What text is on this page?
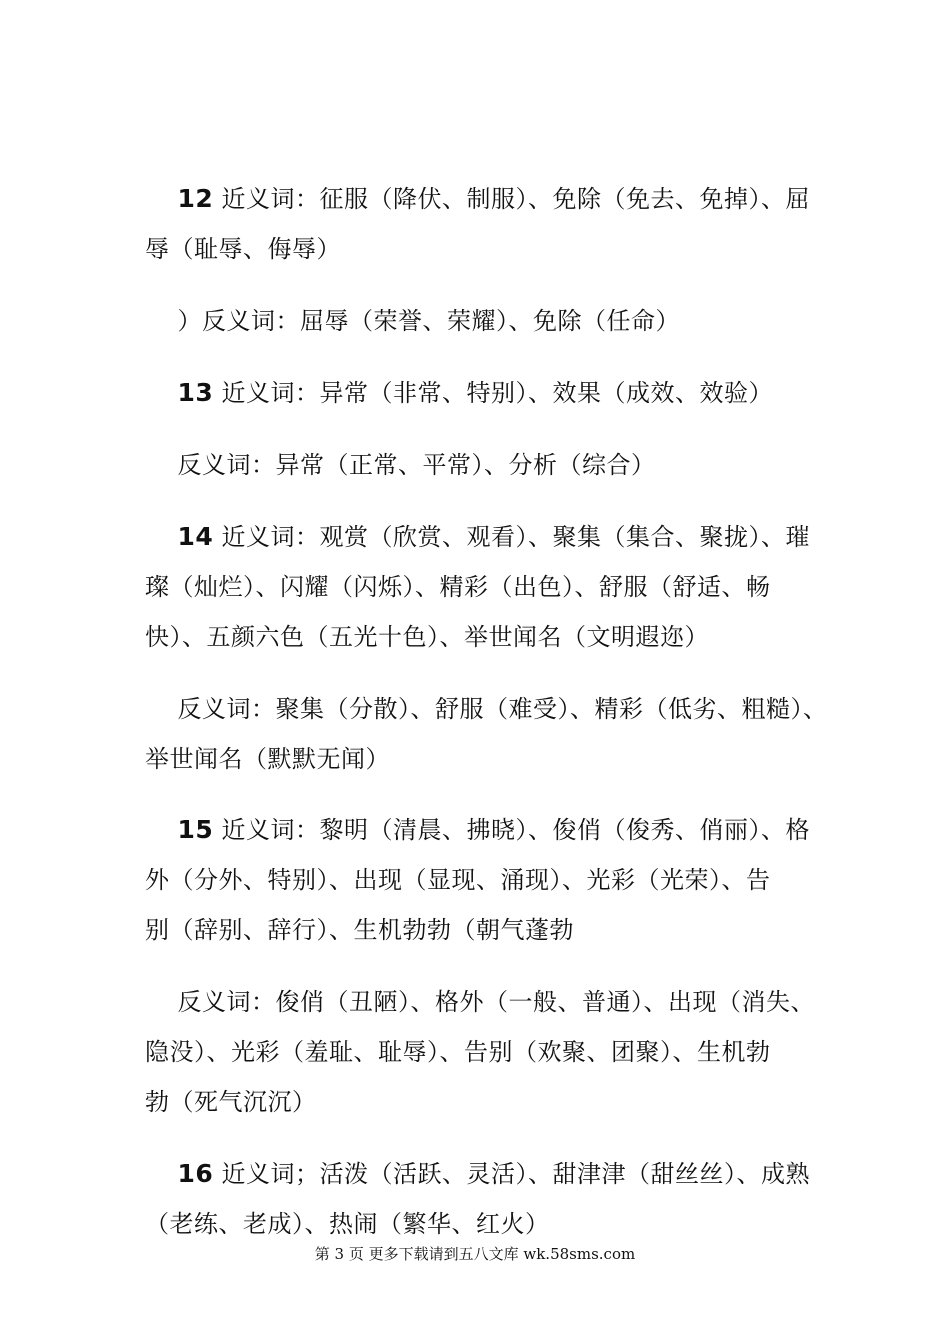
12 近义词：征服（降伏、制服）、免除（免去、免掉）、屈
辱（耻辱、侮辱）

）反义词：屈辱（荣誉、荣耀）、免除（任命）

13 近义词：异常（非常、特别）、效果（成效、效验）

反义词：异常（正常、平常）、分析（综合）

14 近义词：观赏（欣赏、观看）、聚集（集合、聚拢）、璀
璨（灿烂）、闪耀（闪烁）、精彩（出色）、舒服（舒适、畅
快）、五颜六色（五光十色）、举世闻名（文明遐迩）

反义词：聚集（分散）、舒服（难受）、精彩（低劣、粗糙）、
举世闻名（默默无闻）

15 近义词：黎明（清晨、拂晓）、俊俏（俊秀、俏丽）、格
外（分外、特别）、出现（显现、涌现）、光彩（光荣）、告
别（辞别、辞行）、生机勃勃（朝气蓬勃

反义词：俊俏（丑陋）、格外（一般、普通）、出现（消失、
隐没）、光彩（羞耻、耻辱）、告别（欢聚、团聚）、生机勃
勃（死气沉沉）

16 近义词；活泼（活跃、灵活）、甜津津（甜丝丝）、成熟
（老练、老成）、热闹（繁华、红火）

第 3 页 更多下载请到五八文库 wk.58sms.com
